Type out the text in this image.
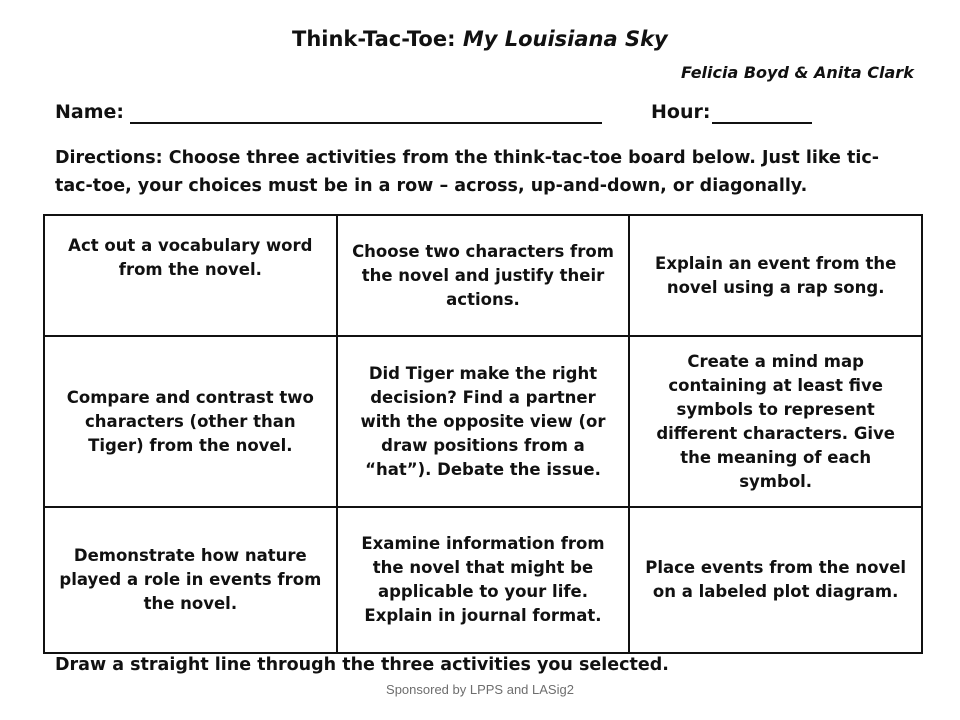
Think-Tac-Toe: My Louisiana Sky
Felicia Boyd & Anita Clark
Name:	Hour:
Directions: Choose three activities from the think-tac-toe board below. Just like tic-tac-toe, your choices must be in a row – across, up-and-down, or diagonally.
Act out a vocabulary word from the novel.	Choose two characters from the novel and justify their actions.	Explain an event from the novel using a rap song.

Compare and contrast two characters (other than Tiger) from the novel.	Did Tiger make the right decision? Find a partner with the opposite view (or draw positions from a “hat”). Debate the issue.	Create a mind map containing at least five symbols to represent different characters. Give the meaning of each symbol.

Demonstrate how nature played a role in events from the novel.	Examine information from the novel that might be applicable to your life. Explain in journal format.	Place events from the novel on a labeled plot diagram.
Draw a straight line through the three activities you selected.
Sponsored by LPPS and LASig2
